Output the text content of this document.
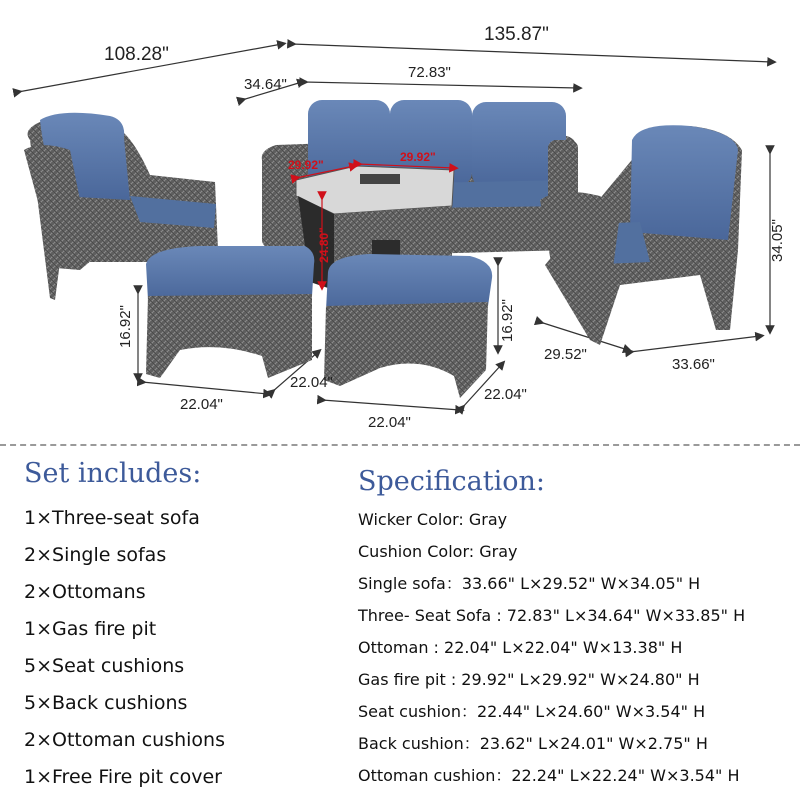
108.28"
135.87"
34.64"
72.83"
29.92"
29.92"
24.80"	34.05"
29.52"
33.66"
16.92"
22.04"
22.04"
16.92"
22.04"
22.04"
Set includes:
1×Three-seat sofa
2×Single sofas
2×Ottomans
1×Gas fire pit
5×Seat cushions
5×Back cushions
2×Ottoman cushions
1×Free Fire pit cover
Specification:
Wicker Color: Gray
Cushion Color: Gray
Single sofa：33.66" L×29.52" W×34.05" H
Three- Seat Sofa : 72.83" L×34.64" W×33.85" H
Ottoman : 22.04" L×22.04" W×13.38" H
Gas fire pit : 29.92" L×29.92" W×24.80" H
Seat cushion：22.44" L×24.60" W×3.54" H
Back cushion：23.62" L×24.01" W×2.75" H
Ottoman cushion：22.24" L×22.24" W×3.54" H
